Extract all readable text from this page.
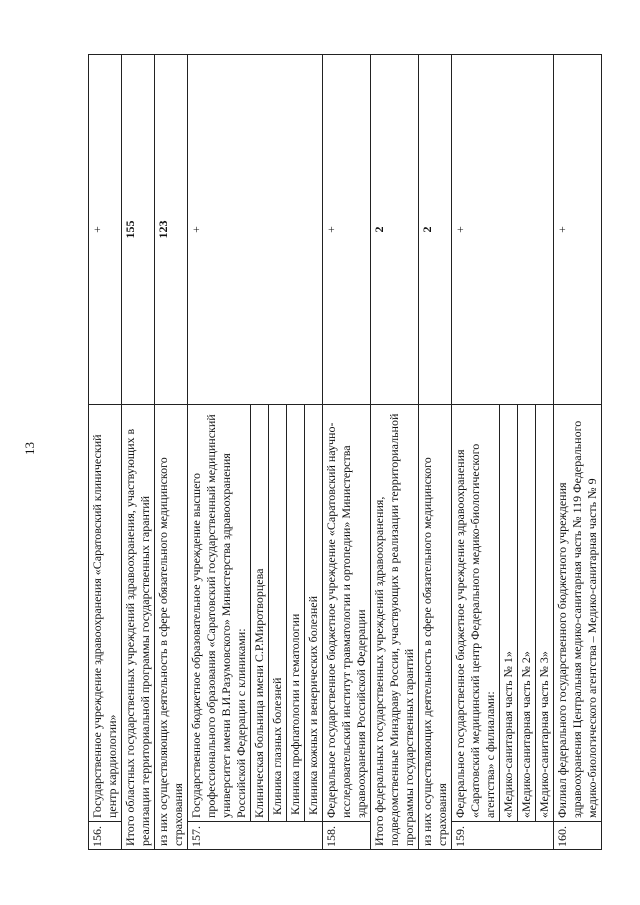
13
156.	Государственное учреждение здравоохранения «Саратовский клинический центр кардиологии»	+
Итого областных государственных учреждений здравоохранения, участвующих в реализации территориальной программы государственных гарантий		155
из них осуществляющих деятельность в сфере обязательного медицинского страхования		123
157.	Государственное бюджетное образовательное учреждение высшего профессионального образования «Саратовский государственный медицинский университет имени В.И.Разумовского» Министерства здравоохранения Российской Федерации с клиниками:	+
	Клиническая больница имени С.Р.Миротворцева	
	Клиника глазных болезней	
	Клиника профпатологии и гематологии	
	Клиника кожных и венерических болезней	
158.	Федеральное государственное бюджетное учреждение «Саратовский научно-исследовательский институт травматологии и ортопедии» Министерства здравоохранения Российской Федерации	+
Итого федеральных государственных учреждений здравоохранения, подведомственные Минздраву России, участвующих в реализации территориальной программы государственных гарантий		2
из них осуществляющих деятельность в сфере обязательного медицинского страхования		2
159.	Федеральное государственное бюджетное учреждение здравоохранения «Саратовский медицинский центр Федерального медико-биологического агентства» с филиалами:	+
	«Медико-санитарная часть № 1»	
	«Медико-санитарная часть № 2»	
	«Медико-санитарная часть № 3»	
160.	Филиал федерального государственного бюджетного учреждения здравоохранения Центральная медико-санитарная часть № 119 Федерального медико-биологического агентства – Медико-санитарная часть № 9	+
